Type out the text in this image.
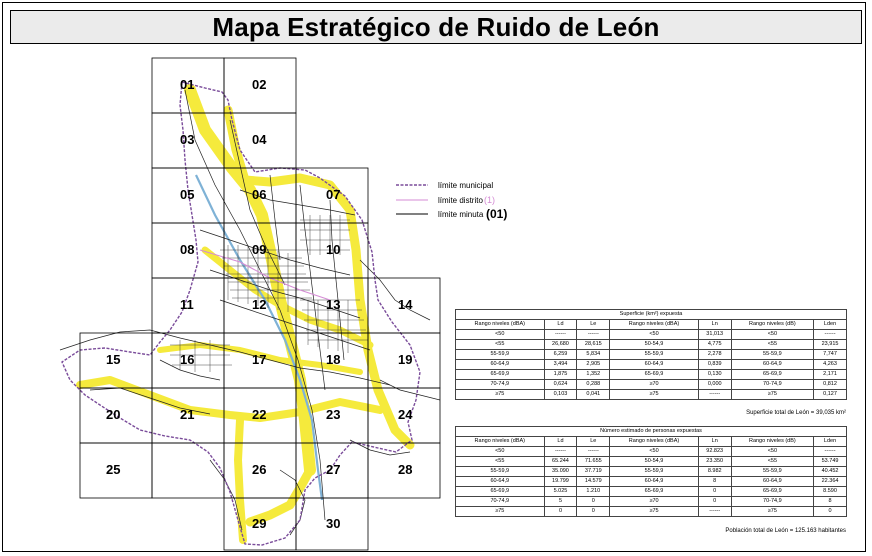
Mapa Estratégico de Ruido de León
01	02
03	04
05	06	07
08	09	10
11	12	13	14
15	16	17	18	19
20	21	22	23	24
25	26	27	28
29	30
límite municipal
límite distrito (1)
límite minuta (01)
Superficie (km²) expuesta						
Rango niveles (dBA)	Ld	Le	Rango niveles (dBA)	Ln	Rango niveles (dB)	Lden
<50	------	------	<50	31,013	<50	------
<55	26,680	28,615	50-54,9	4,775	<55	23,915
55-59,9	6,259	5,834	55-59,9	2,278	55-59,9	7,747
60-64,9	3,494	2,905	60-64,9	0,839	60-64,9	4,263
65-69,9	1,875	1,352	65-69,9	0,130	65-69,9	2,171
70-74,9	0,624	0,288	≥70	0,000	70-74,9	0,812
≥75	0,103	0,041	≥75	------	≥75	0,127
Superficie total de León = 39,035 km²
Número estimado de personas expuestas						
Rango niveles (dBA)	Ld	Le	Rango niveles (dBA)	Ln	Rango niveles (dB)	Lden
<50	------	------	<50	92.823	<50	------
<55	65.244	71.655	50-54,9	23.350	<55	53.749
55-59,9	35.090	37.719	55-59,9	8.982	55-59,9	40.452
60-64,9	19.799	14.579	60-64,9	8	60-64,9	22.364
65-69,9	5.025	1.210	65-69,9	0	65-69,9	8.590
70-74,9	5	0	≥70	0	70-74,9	8
≥75	0	0	≥75	------	≥75	0
Población total de León = 125.163 habitantes
